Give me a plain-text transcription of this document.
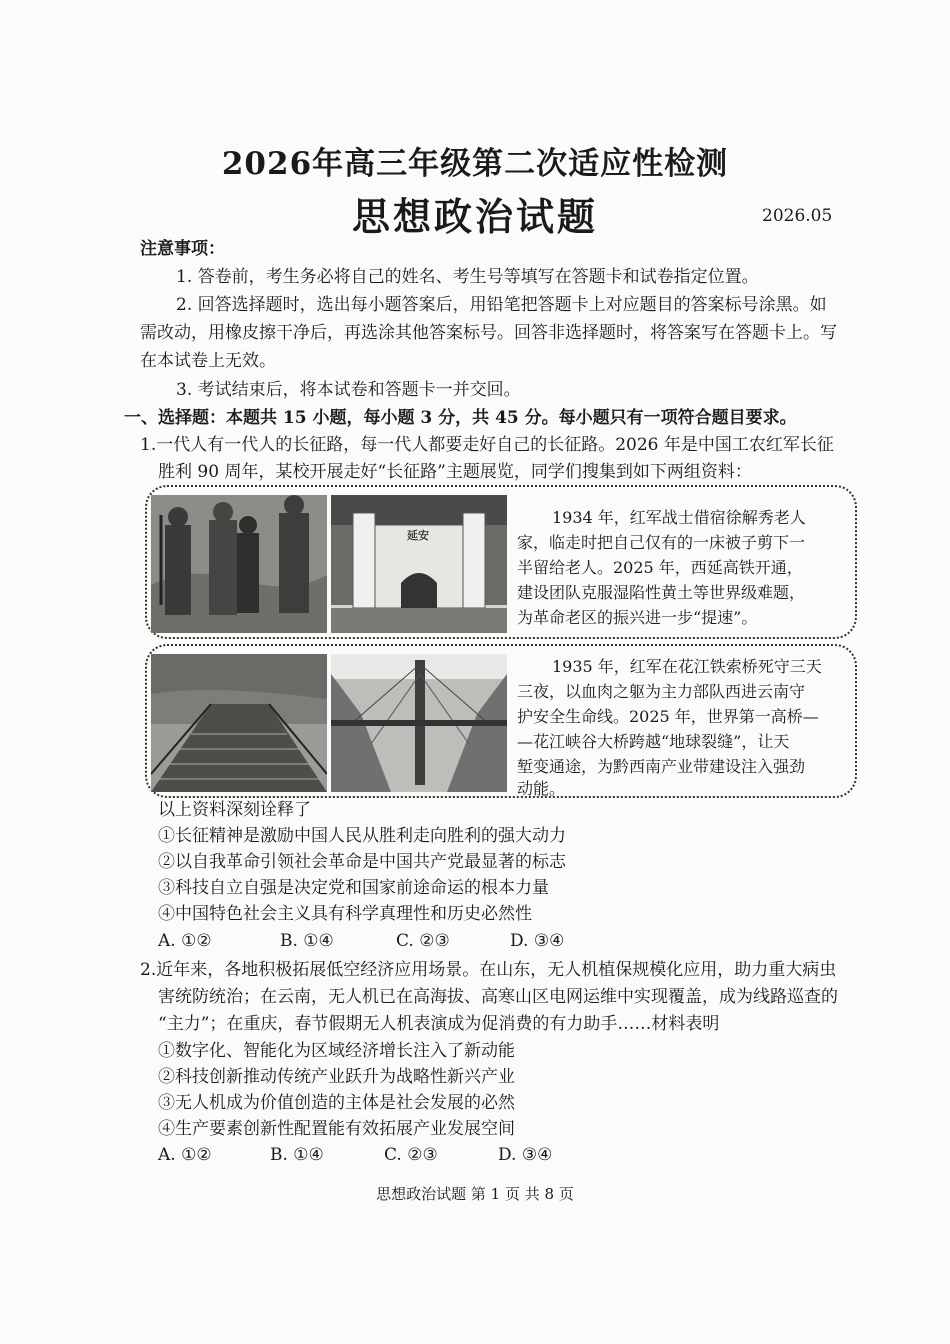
2026年高三年级第二次适应性检测
思想政治试题	2026.05
注意事项：
1. 答卷前，考生务必将自己的姓名、考生号等填写在答题卡和试卷指定位置。
2. 回答选择题时，选出每小题答案后，用铅笔把答题卡上对应题目的答案标号涂黑。如
需改动，用橡皮擦干净后，再选涂其他答案标号。回答非选择题时，将答案写在答题卡上。写
在本试卷上无效。
3. 考试结束后，将本试卷和答题卡一并交回。
一、选择题：本题共 15 小题，每小题 3 分，共 45 分。每小题只有一项符合题目要求。
1.一代人有一代人的长征路，每一代人都要走好自己的长征路。2026 年是中国工农红军长征
胜利 90 周年，某校开展走好“长征路”主题展览，同学们搜集到如下两组资料：
延安
1934 年，红军战士借宿徐解秀老人
家，临走时把自己仅有的一床被子剪下一
半留给老人。2025 年，西延高铁开通，
建设团队克服湿陷性黄土等世界级难题，
为革命老区的振兴进一步“提速”。
1935 年，红军在花江铁索桥死守三天
三夜，以血肉之躯为主力部队西进云南守
护安全生命线。2025 年，世界第一高桥—
—花江峡谷大桥跨越“地球裂缝”，让天
堑变通途，为黔西南产业带建设注入强劲
动能。
以上资料深刻诠释了
①长征精神是激励中国人民从胜利走向胜利的强大动力
②以自我革命引领社会革命是中国共产党最显著的标志
③科技自立自强是决定党和国家前途命运的根本力量
④中国特色社会主义具有科学真理性和历史必然性
A. ①②	B. ①④	C. ②③	D. ③④
2.近年来，各地积极拓展低空经济应用场景。在山东，无人机植保规模化应用，助力重大病虫
害统防统治；在云南，无人机已在高海拔、高寒山区电网运维中实现覆盖，成为线路巡查的
“主力”；在重庆，春节假期无人机表演成为促消费的有力助手……材料表明
①数字化、智能化为区域经济增长注入了新动能
②科技创新推动传统产业跃升为战略性新兴产业
③无人机成为价值创造的主体是社会发展的必然
④生产要素创新性配置能有效拓展产业发展空间
A. ①②	B. ①④	C. ②③	D. ③④
思想政治试题 第 1 页 共 8 页
